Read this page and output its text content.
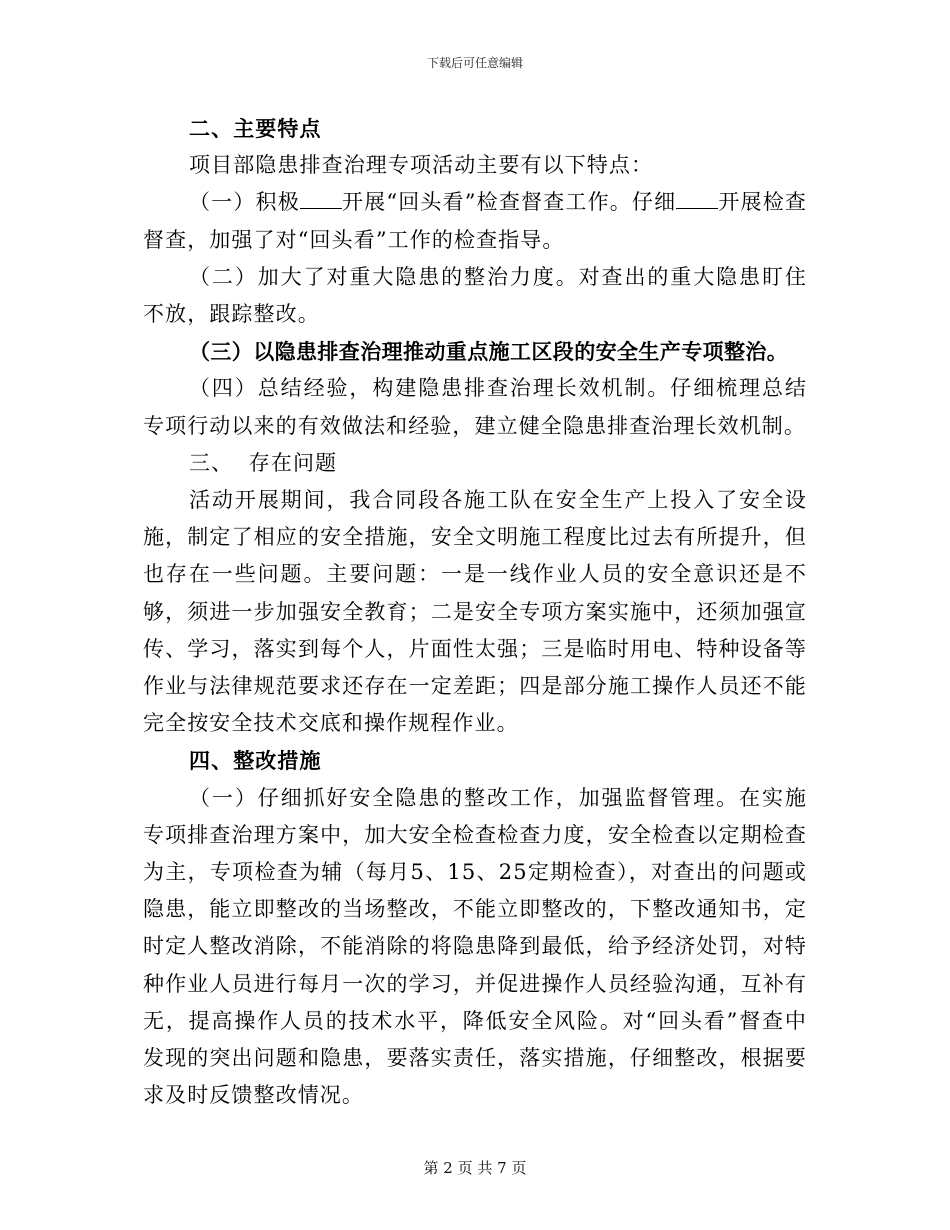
下载后可任意编辑

二、主要特点

项目部隐患排查治理专项活动主要有以下特点：

（一）积极 开展“回头看”检查督查工作。仔细 开展检查督查，加强了对“回头看”工作的检查指导。

（二）加大了对重大隐患的整治力度。对查出的重大隐患盯住不放，跟踪整改。

（三）以隐患排查治理推动重点施工区段的安全生产专项整治。

（四）总结经验，构建隐患排查治理长效机制。仔细梳理总结专项行动以来的有效做法和经验，建立健全隐患排查治理长效机制。

三、  存在问题

活动开展期间，我合同段各施工队在安全生产上投入了安全设施，制定了相应的安全措施，安全文明施工程度比过去有所提升，但也存在一些问题。主要问题：一是一线作业人员的安全意识还是不够，须进一步加强安全教育；二是安全专项方案实施中，还须加强宣传、学习，落实到每个人，片面性太强；三是临时用电、特种设备等作业与法律规范要求还存在一定差距；四是部分施工操作人员还不能完全按安全技术交底和操作规程作业。

四、整改措施

（一）仔细抓好安全隐患的整改工作，加强监督管理。在实施专项排查治理方案中，加大安全检查检查力度，安全检查以定期检查为主，专项检查为辅（每月5、15、25定期检查），对查出的问题或隐患，能立即整改的当场整改，不能立即整改的，下整改通知书，定时定人整改消除，不能消除的将隐患降到最低，给予经济处罚，对特种作业人员进行每月一次的学习，并促进操作人员经验沟通，互补有无，提高操作人员的技术水平，降低安全风险。对“回头看”督查中发现的突出问题和隐患，要落实责任，落实措施，仔细整改，根据要求及时反馈整改情况。

第 2 页 共 7 页
